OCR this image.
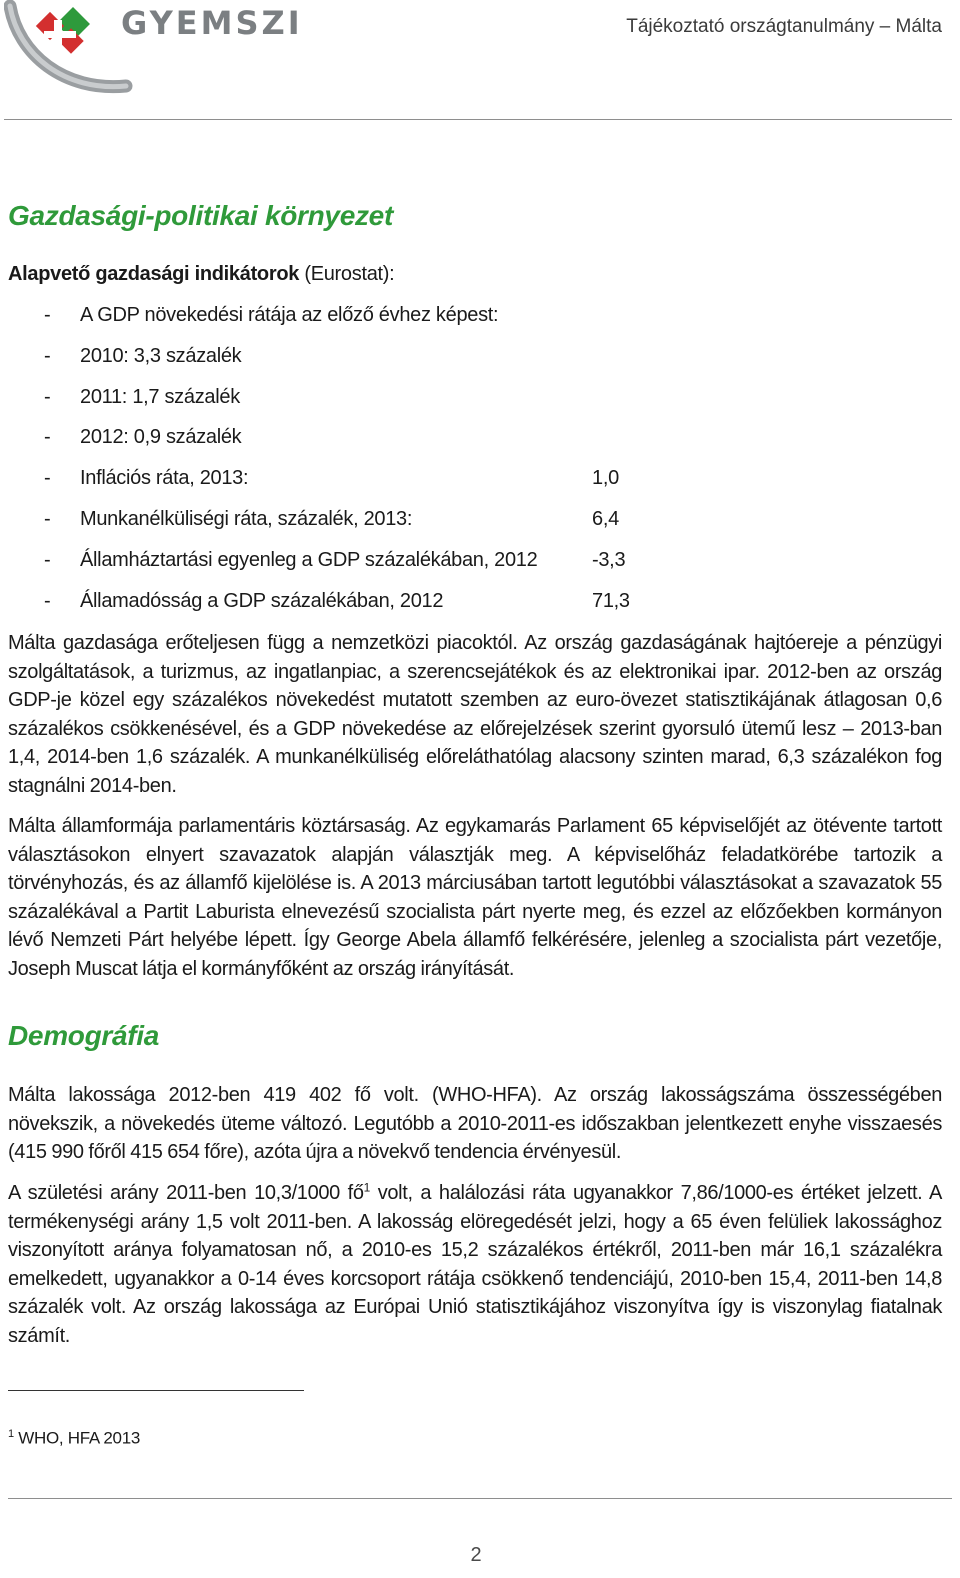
GYEMSZI	Tájékoztató országtanulmány – Málta
Gazdasági-politikai környezet
Alapvető gazdasági indikátorok (Eurostat):
- A GDP növekedési rátája az előző évhez képest:
- 2010: 3,3 százalék
- 2011: 1,7 százalék
- 2012: 0,9 százalék
- Inflációs ráta, 2013:	1,0
- Munkanélküliségi ráta, százalék, 2013:	6,4
- Államháztartási egyenleg a GDP százalékában, 2012	-3,3
- Államadósság a GDP százalékában, 2012	71,3

Málta gazdasága erőteljesen függ a nemzetközi piacoktól. Az ország gazdaságának hajtóereje a pénzügyi szolgáltatások, a turizmus, az ingatlanpiac, a szerencsejátékok és az elektronikai ipar. 2012-ben az ország GDP-je közel egy százalékos növekedést mutatott szemben az euro-övezet statisztikájának átlagosan 0,6 százalékos csökkenésével, és a GDP növekedése az előrejelzések szerint gyorsuló ütemű lesz – 2013-ban 1,4, 2014-ben 1,6 százalék. A munkanélküliség előreláthatólag alacsony szinten marad, 6,3 százalékon fog stagnálni 2014-ben.

Málta államformája parlamentáris köztársaság. Az egykamarás Parlament 65 képviselőjét az ötévente tartott választásokon elnyert szavazatok alapján választják meg. A képviselőház feladatkörébe tartozik a törvényhozás, és az államfő kijelölése is. A 2013 márciusában tartott legutóbbi választásokat a szavazatok 55 százalékával a Partit Laburista elnevezésű szocialista párt nyerte meg, és ezzel az előzőekben kormányon lévő Nemzeti Párt helyébe lépett. Így George Abela államfő felkérésére, jelenleg a szocialista párt vezetője, Joseph Muscat látja el kormányfőként az ország irányítását.

Demográfia

Málta lakossága 2012-ben 419 402 fő volt. (WHO-HFA). Az ország lakosságszáma összességében növekszik, a növekedés üteme változó. Legutóbb a 2010-2011-es időszakban jelentkezett enyhe visszaesés (415 990 főről 415 654 főre), azóta újra a növekvő tendencia érvényesül.

A születési arány 2011-ben 10,3/1000 $fő^1$ volt, a halálozási ráta ugyanakkor 7,86/1000-es értéket jelzett. A termékenységi arány 1,5 volt 2011-ben. A lakosság elöregedését jelzi, hogy a 65 éven felüliek lakossághoz viszonyított aránya folyamatosan nő, a 2010-es 15,2 százalékos értékről, 2011-ben már 16,1 százalékra emelkedett, ugyanakkor a 0-14 éves korcsoport rátája csökkenő tendenciájú, 2010-ben 15,4, 2011-ben 14,8 százalék volt. Az ország lakossága az Európai Unió statisztikájához viszonyítva így is viszonylag fiatalnak számít.

$^1$ WHO, HFA 2013
2
